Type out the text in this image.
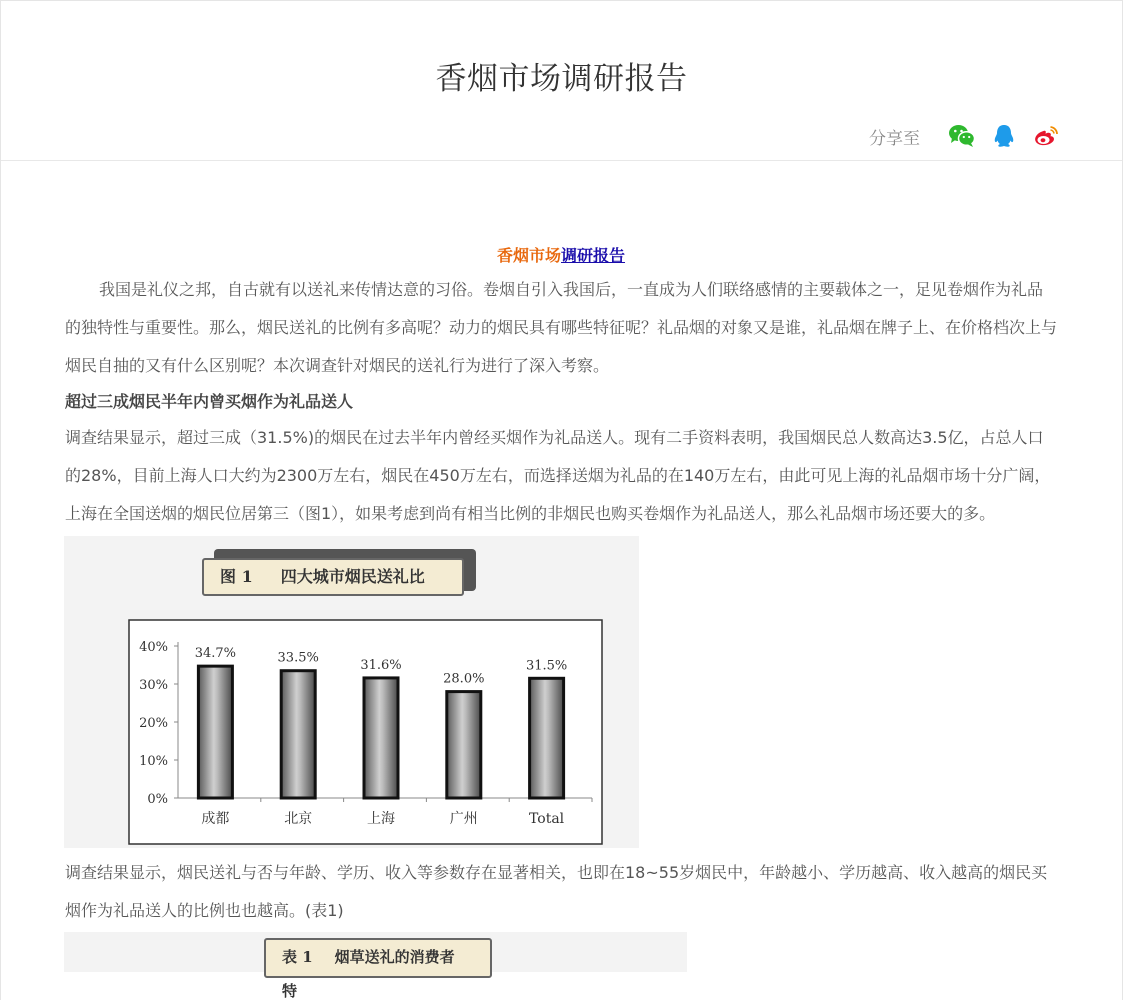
香烟市场调研报告
分享至
香烟市场调研报告

我国是礼仪之邦，自古就有以送礼来传情达意的习俗。卷烟自引入我国后，一直成为人们联络感情的主要载体之一，足见卷烟作为礼品的独特性与重要性。那么，烟民送礼的比例有多高呢？动力的烟民具有哪些特征呢？礼品烟的对象又是谁，礼品烟在牌子上、在价格档次上与烟民自抽的又有什么区别呢？本次调查针对烟民的送礼行为进行了深入考察。

超过三成烟民半年内曾买烟作为礼品送人

调查结果显示，超过三成（31.5%)的烟民在过去半年内曾经买烟作为礼品送人。现有二手资料表明，我国烟民总人数高达3.5亿，占总人口的28%，目前上海人口大约为2300万左右，烟民在450万左右，而选择送烟为礼品的在140万左右，由此可见上海的礼品烟市场十分广阔，上海在全国送烟的烟民位居第三（图1），如果考虑到尚有相当比例的非烟民也购买卷烟作为礼品送人，那么礼品烟市场还要大的多。

图 1 四大城市烟民送礼比
0%
10%
20%
30%
40% 34.7%
成都
33.5%
北京
31.6%
上海
28.0%
广州
31.5%
Total

调查结果显示，烟民送礼与否与年龄、学历、收入等参数存在显著相关，也即在18~55岁烟民中，年龄越小、学历越高、收入越高的烟民买烟作为礼品送人的比例也也越高。(表1)

表 1 烟草送礼的消费者特
